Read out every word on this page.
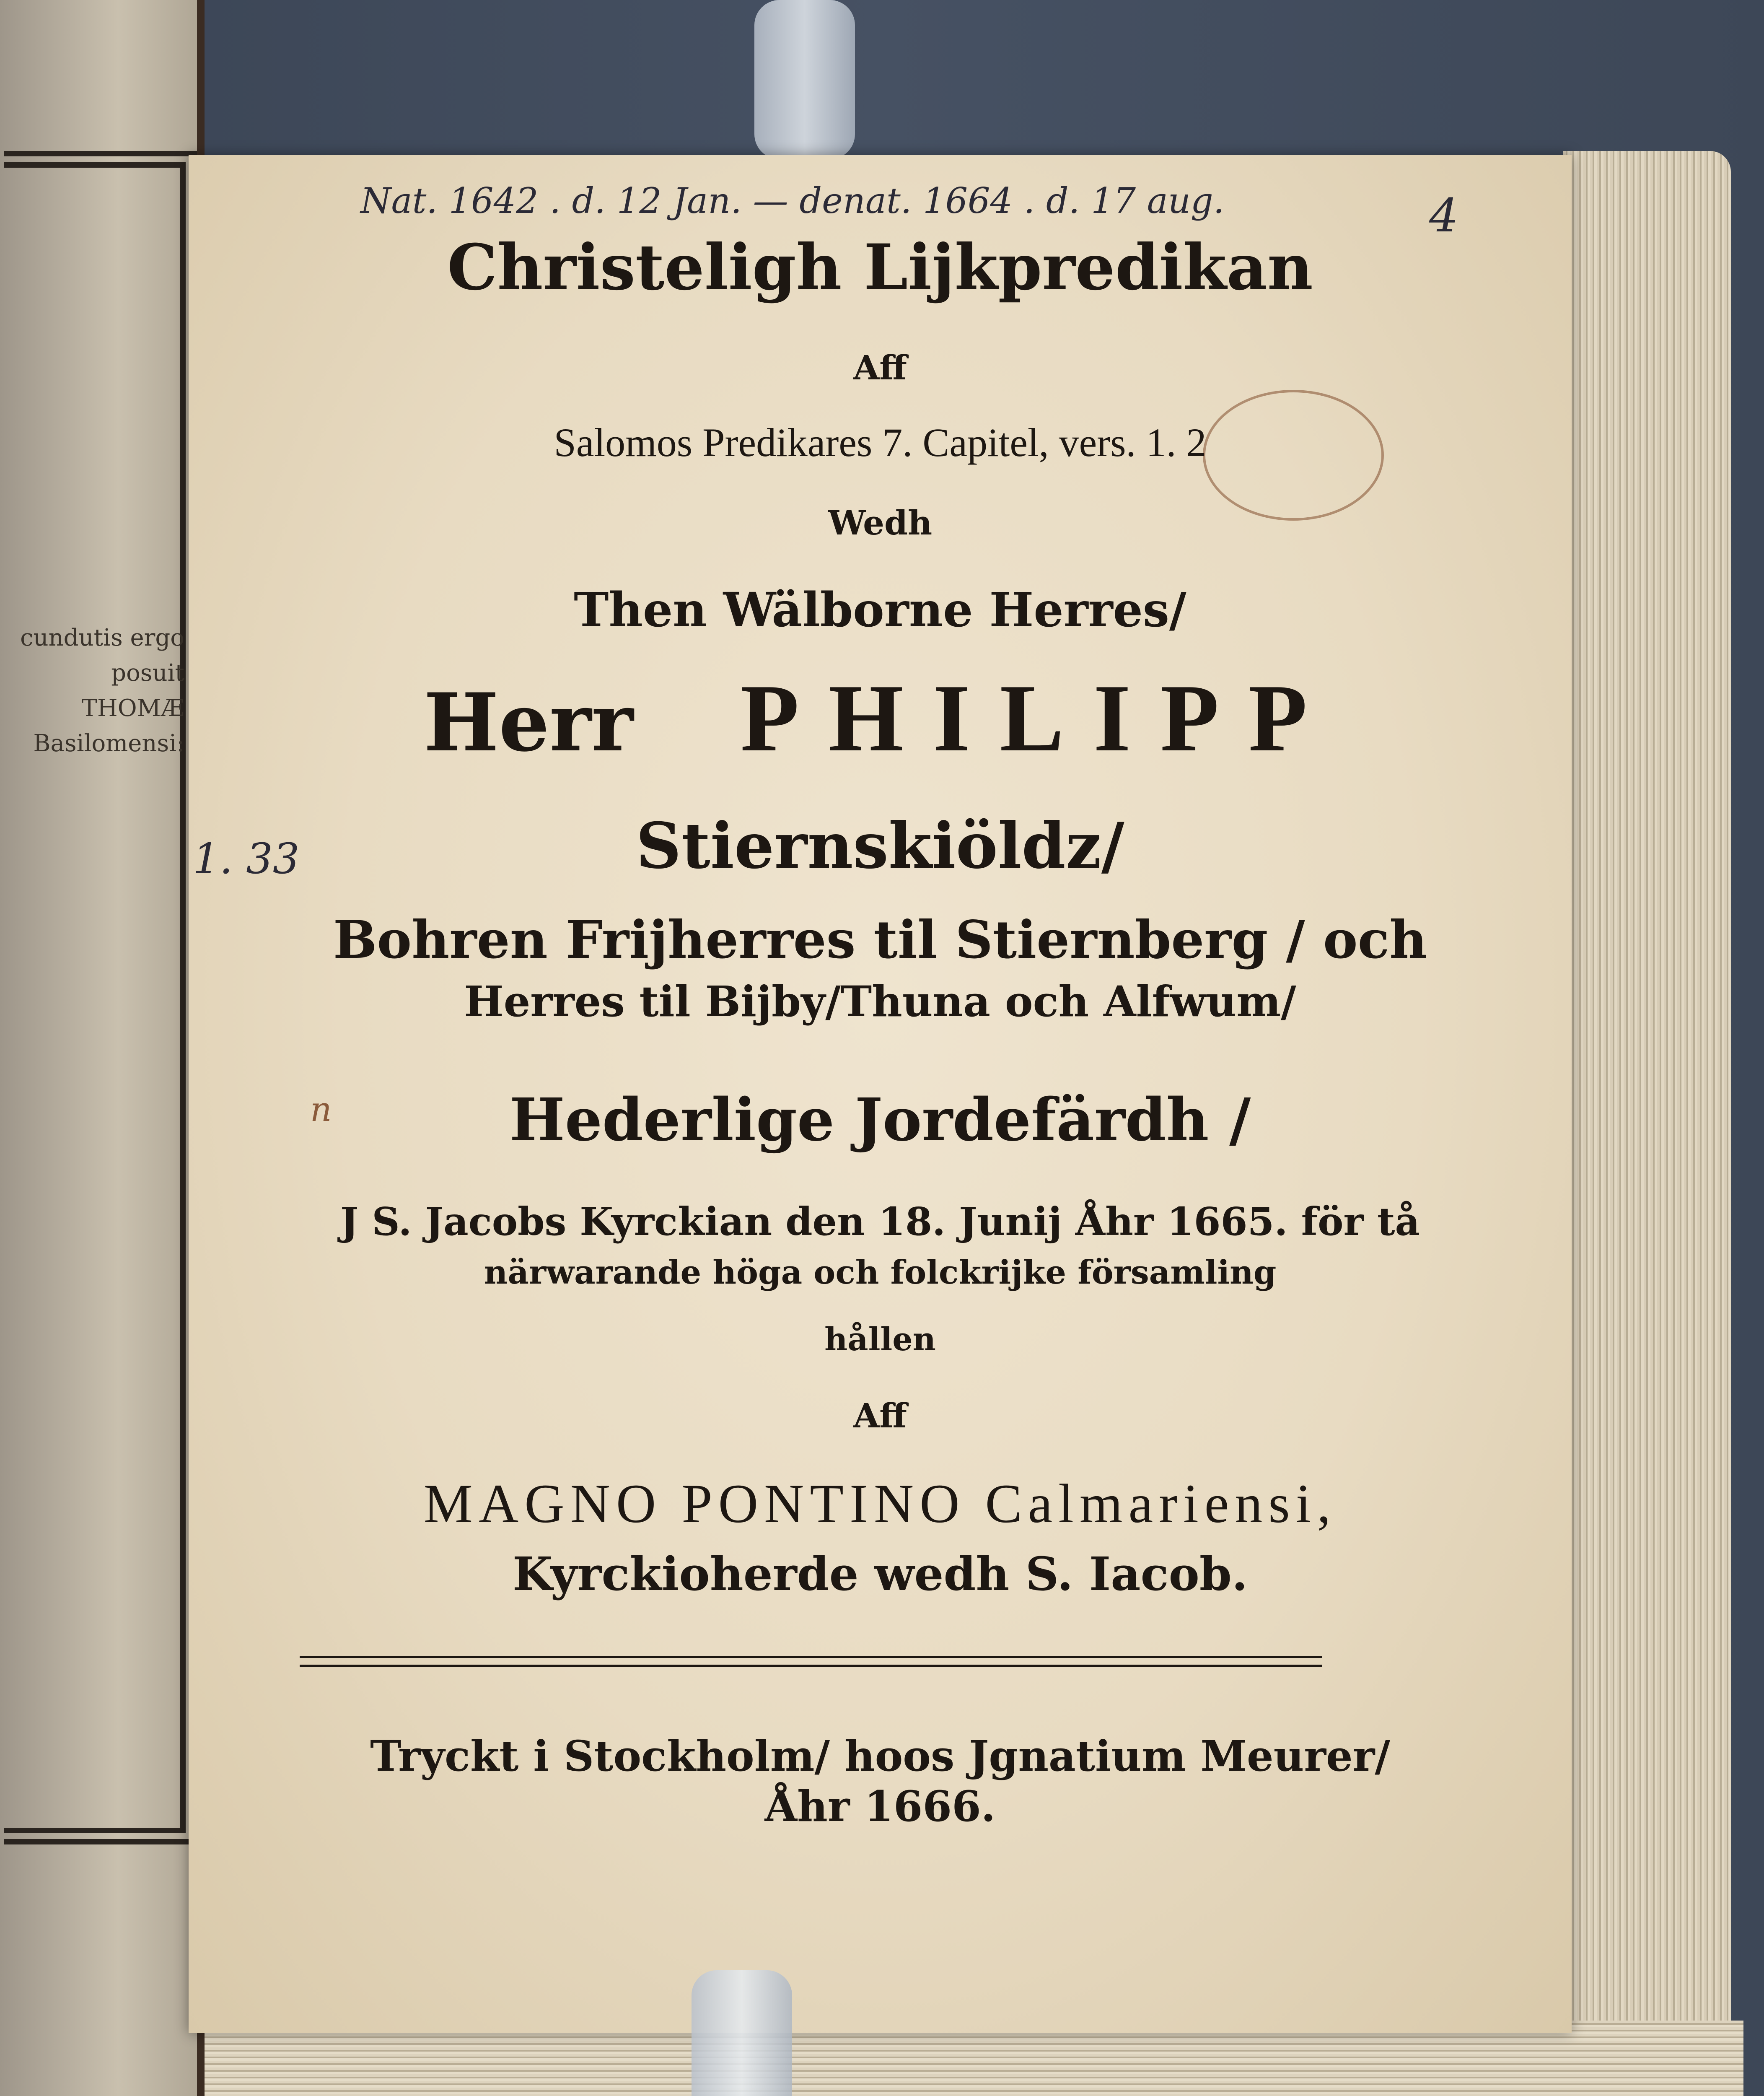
cundutis ergo
posuit
THOMÆ
Basilomensi:
Nat. 1642 . d. 12 Jan. — denat. 1664 . d. 17 aug.	4
1. 33
n
Christeligh Lijkpredikan
Aff
Salomos Predikares 7. Capitel, vers. 1. 2
Wedh
Then Wälborne Herres/
Herr PHILIPP
Stiernskiöldz/
Bohren Frijherres til Stiernberg / och
Herres til Bijby/Thuna och Alfwum/
Hederlige Jordefärdh /
J S. Jacobs Kyrckian den 18. Junij Åhr 1665. för tå
närwarande höga och folckrijke församling
hållen
Aff
MAGNO PONTINO Calmariensi,
Kyrckioherde wedh S. Iacob.
Tryckt i Stockholm/ hoos Jgnatium Meurer/
Åhr 1666.
